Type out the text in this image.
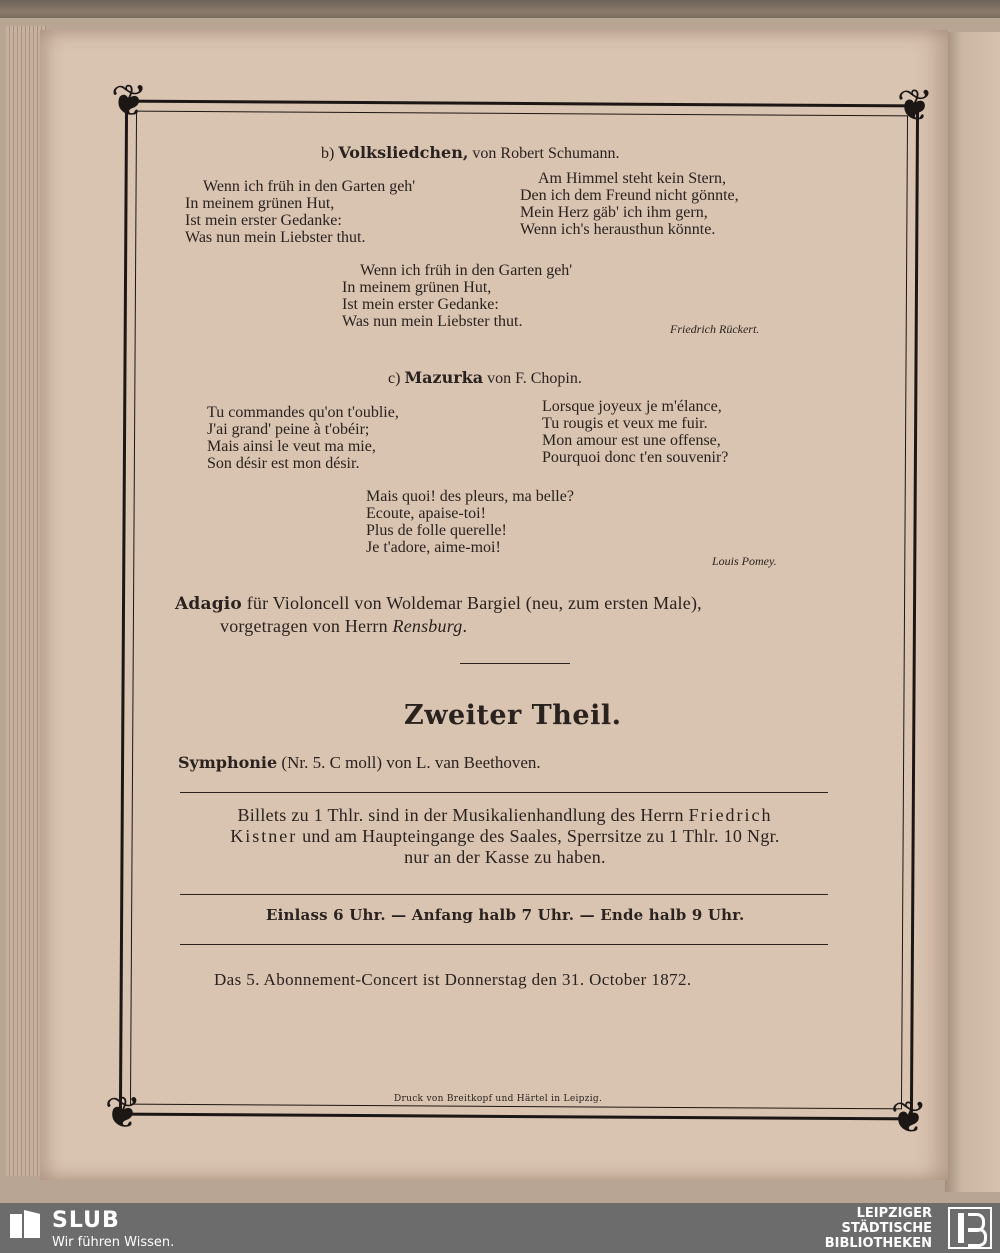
❦	❦
❦	❦
b) Volksliedchen, von Robert Schumann.
Wenn ich früh in den Garten geh'
In meinem grünen Hut,
Ist mein erster Gedanke:
Was nun mein Liebster thut.
Am Himmel steht kein Stern,
Den ich dem Freund nicht gönnte,
Mein Herz gäb' ich ihm gern,
Wenn ich's herausthun könnte.
Wenn ich früh in den Garten geh'
In meinem grünen Hut,
Ist mein erster Gedanke:
Was nun mein Liebster thut.	Friedrich Rückert.
c) Mazurka von F. Chopin.
Tu commandes qu'on t'oublie,
J'ai grand' peine à t'obéir;
Mais ainsi le veut ma mie,
Son désir est mon désir.
Lorsque joyeux je m'élance,
Tu rougis et veux me fuir.
Mon amour est une offense,
Pourquoi donc t'en souvenir?
Mais quoi! des pleurs, ma belle?
Ecoute, apaise-toi!
Plus de folle querelle!
Je t'adore, aime-moi!
Louis Pomey.
Adagio für Violoncell von Woldemar Bargiel (neu, zum ersten Male),
vorgetragen von Herrn Rensburg.
Zweiter Theil.
Symphonie (Nr. 5. C moll) von L. van Beethoven.
Billets zu 1 Thlr. sind in der Musikalienhandlung des Herrn Friedrich
Kistner und am Haupteingange des Saales, Sperrsitze zu 1 Thlr. 10 Ngr.
nur an der Kasse zu haben.
Einlass 6 Uhr. — Anfang halb 7 Uhr. — Ende halb 9 Uhr.
Das 5. Abonnement-Concert ist Donnerstag den 31. October 1872.
Druck von Breitkopf und Härtel in Leipzig.
SLUB
Wir führen Wissen.
LEIPZIGER
STÄDTISCHE
BIBLIOTHEKEN
